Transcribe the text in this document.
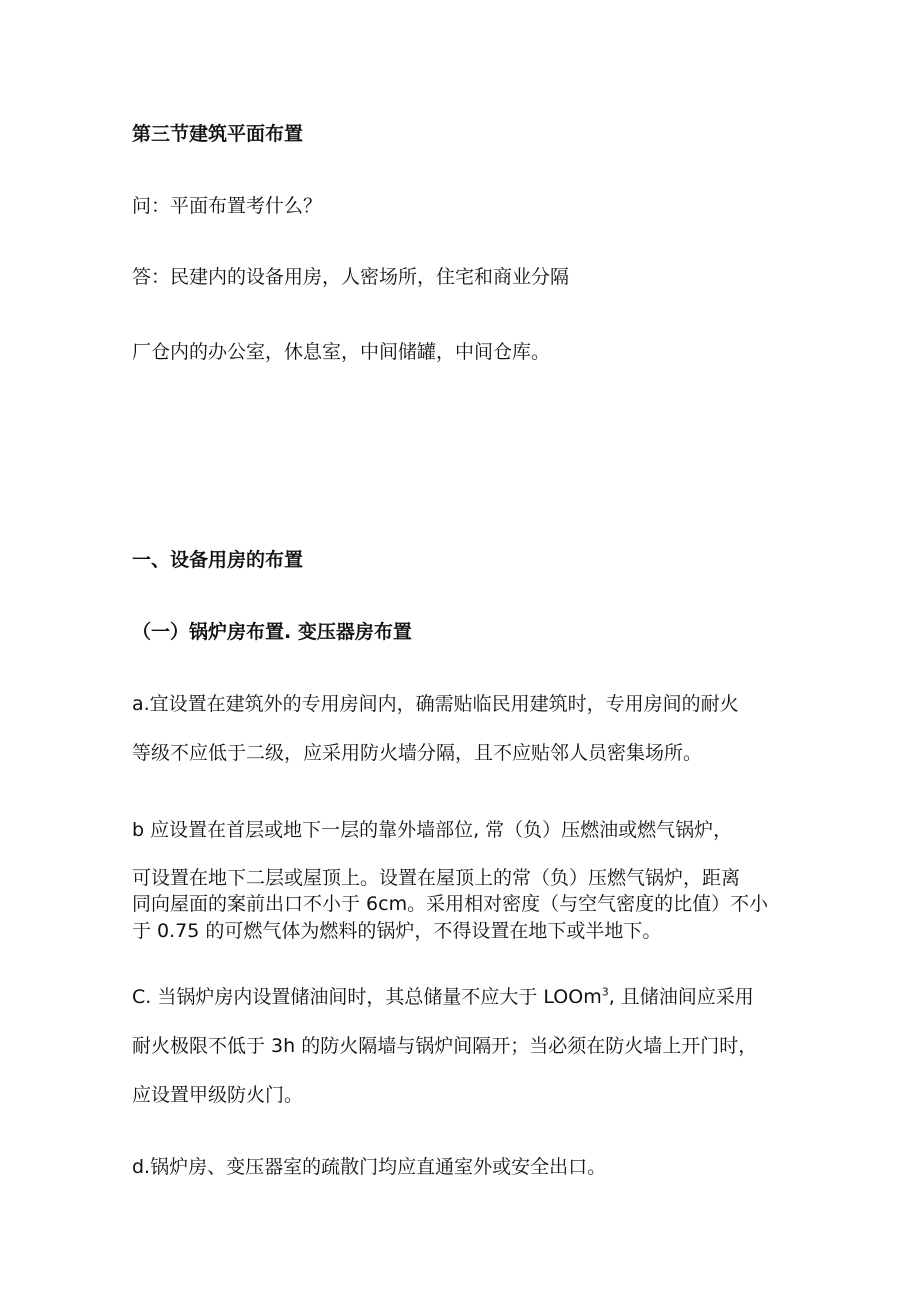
第三节建筑平面布置
问：平面布置考什么？
答：民建内的设备用房，人密场所，住宅和商业分隔
厂仓内的办公室，休息室，中间储罐，中间仓库。
一、设备用房的布置
（一）锅炉房布置. 变压器房布置
a.宜设置在建筑外的专用房间内，确需贴临民用建筑时，专用房间的耐火
等级不应低于二级，应采用防火墙分隔，且不应贴邻人员密集场所。
b 应设置在首层或地下一层的靠外墙部位, 常（负）压燃油或燃气锅炉，
可设置在地下二层或屋顶上。设置在屋顶上的常（负）压燃气锅炉，距离
同向屋面的案前出口不小于 6cm。采用相对密度（与空气密度的比值）不小
于 0.75 的可燃气体为燃料的锅炉，不得设置在地下或半地下。
C. 当锅炉房内设置储油间时，其总储量不应大于 LOOm$^3$, 且储油间应采用
耐火极限不低于 3h 的防火隔墙与锅炉间隔开；当必须在防火墙上开门时，
应设置甲级防火门。
d.锅炉房、变压器室的疏散门均应直通室外或安全出口。
